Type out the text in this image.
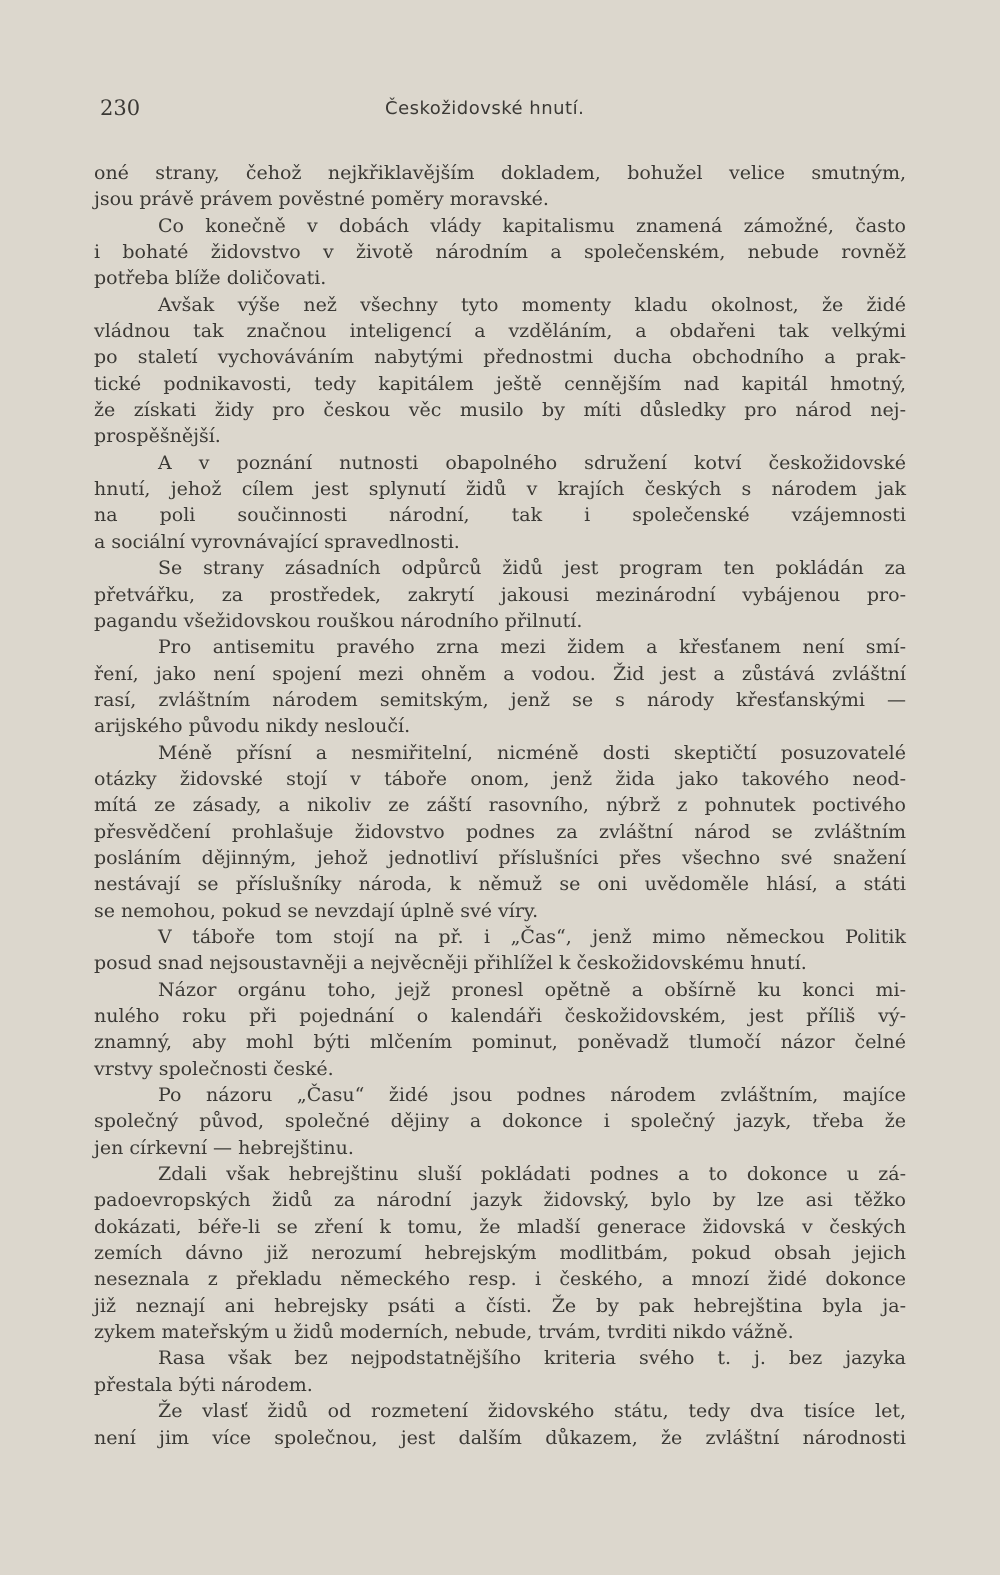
230	Českožidovské hnutí.
oné strany, čehož nejkřiklavějším dokladem, bohužel velice smutným,
jsou právě právem pověstné poměry moravské.
Co konečně v dobách vlády kapitalismu znamená zámožné, často
i bohaté židovstvo v životě národním a společenském, nebude rovněž
potřeba blíže doličovati.
Avšak výše než všechny tyto momenty kladu okolnost, že židé
vládnou tak značnou inteligencí a vzděláním, a obdařeni tak velkými
po staletí vychováváním nabytými přednostmi ducha obchodního a prak-
tické podnikavosti, tedy kapitálem ještě cennějším nad kapitál hmotný,
že získati židy pro českou věc musilo by míti důsledky pro národ nej-
prospěšnější.
A v poznání nutnosti obapolného sdružení kotví českožidovské
hnutí, jehož cílem jest splynutí židů v krajích českých s národem jak
na poli součinnosti národní, tak i společenské vzájemnosti
a sociální vyrovnávající spravedlnosti.
Se strany zásadních odpůrců židů jest program ten pokládán za
přetvářku, za prostředek, zakrytí jakousi mezinárodní vybájenou pro-
pagandu všežidovskou rouškou národního přilnutí.
Pro antisemitu pravého zrna mezi židem a křesťanem není smí-
ření, jako není spojení mezi ohněm a vodou. Žid jest a zůstává zvláštní
rasí, zvláštním národem semitským, jenž se s národy křesťanskými —
arijského původu nikdy nesloučí.
Méně přísní a nesmiřitelní, nicméně dosti skeptičtí posuzovatelé
otázky židovské stojí v táboře onom, jenž žida jako takového neod-
mítá ze zásady, a nikoliv ze záští rasovního, nýbrž z pohnutek poctivého
přesvědčení prohlašuje židovstvo podnes za zvláštní národ se zvláštním
posláním dějinným, jehož jednotliví příslušníci přes všechno své snažení
nestávají se příslušníky národa, k němuž se oni uvědoměle hlásí, a státi
se nemohou, pokud se nevzdají úplně své víry.
V táboře tom stojí na př. i „Čas“, jenž mimo německou Politik
posud snad nejsoustavněji a nejvěcněji přihlížel k českožidovskému hnutí.
Názor orgánu toho, jejž pronesl opětně a obšírně ku konci mi-
nulého roku při pojednání o kalendáři českožidovském, jest příliš vý-
znamný, aby mohl býti mlčením pominut, poněvadž tlumočí názor čelné
vrstvy společnosti české.
Po názoru „Času“ židé jsou podnes národem zvláštním, majíce
společný původ, společné dějiny a dokonce i společný jazyk, třeba že
jen církevní — hebrejštinu.
Zdali však hebrejštinu sluší pokládati podnes a to dokonce u zá-
padoevropských židů za národní jazyk židovský, bylo by lze asi těžko
dokázati, béře-li se zření k tomu, že mladší generace židovská v českých
zemích dávno již nerozumí hebrejským modlitbám, pokud obsah jejich
neseznala z překladu německého resp. i českého, a mnozí židé dokonce
již neznají ani hebrejsky psáti a čísti. Že by pak hebrejština byla ja-
zykem mateřským u židů moderních, nebude, trvám, tvrditi nikdo vážně.
Rasa však bez nejpodstatnějšího kriteria svého t. j. bez jazyka
přestala býti národem.
Že vlasť židů od rozmetení židovského státu, tedy dva tisíce let,
není jim více společnou, jest dalším důkazem, že zvláštní národnosti
